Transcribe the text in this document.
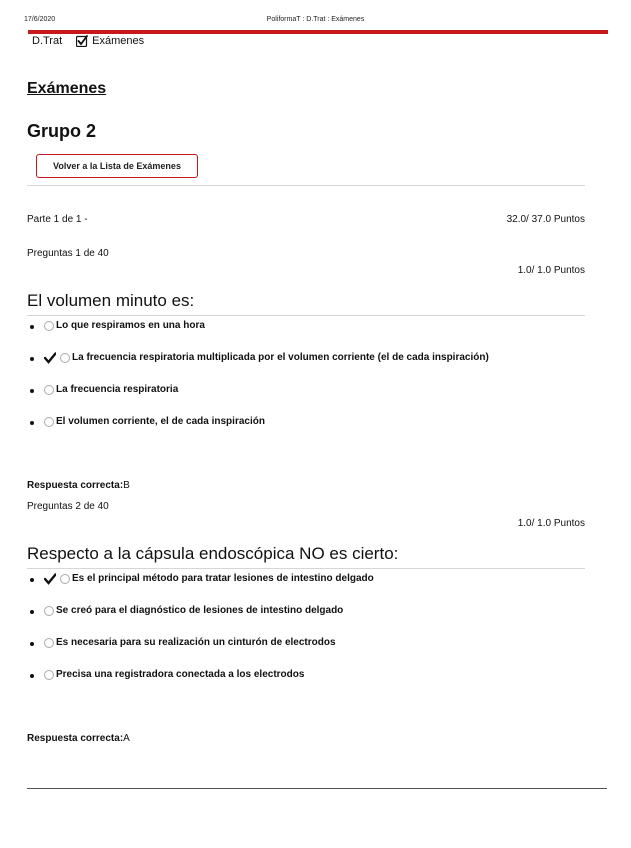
17/6/2020	PoliformaT : D.Trat : Exámenes
D.Trat	Exámenes
Exámenes
Grupo 2
Volver a la Lista de Exámenes
Parte 1 de 1 -	32.0/ 37.0 Puntos
Preguntas 1 de 40
1.0/ 1.0 Puntos
El volumen minuto es:
Lo que respiramos en una hora
La frecuencia respiratoria multiplicada por el volumen corriente (el de cada inspiración)
La frecuencia respiratoria
El volumen corriente, el de cada inspiración
Respuesta correcta:B
Preguntas 2 de 40
1.0/ 1.0 Puntos
Respecto a la cápsula endoscópica NO es cierto:
Es el principal método para tratar lesiones de intestino delgado
Se creó para el diagnóstico de lesiones de intestino delgado
Es necesaria para su realización un cinturón de electrodos
Precisa una registradora conectada a los electrodos
Respuesta correcta:A
